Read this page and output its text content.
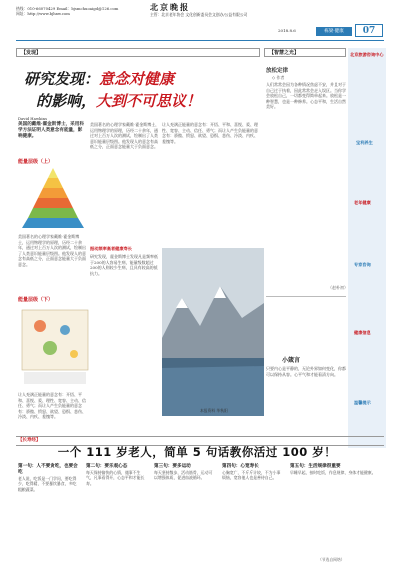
热线：010-66070429 Email：bjsmchuoaigd@126.com
网址：http://www.bjhxw.com
北京晚报
主管：北京老年协会 文化创新委员会文创办/公益有限公司
2018.8.6	栋梁·健康	07
【发现】
研究发现：意念对健康
的影响，大到不可思议！
David Hawkins
美国的戴维·霍金斯博士，采用科学方法证明人类意念有能量，影响健康。
能量层级（上）
美国著名的心理学家戴维·霍金斯博士，运用物理学的原理，历经二十余年，通过对上百万人次的测试，绘制出了人类意识能量层级图。他发现人的意念有高低之分，正面意念能量大于负面意念。
能量层级（下）
让人充满正能量的意念有：开悟、平和、喜悦、爱、理性、宽容、主动、信任、勇气；而让人产生负能量的意念有：骄傲、愤怒、欲望、恐惧、悲伤、冷淡、内疚、羞愧等。
美国著名的心理学家戴维·霍金斯博士，运用物理学的原理，历经二十余年，通过对上百万人次的测试，绘制出了人类意识能量层级图。他发现人的意念有高低之分，正面意念能量大于负面意念。
振动频率高者健康寿长
研究发现，霍金斯博士发现凡是频率低于200的人容易生病，能量级数超过200的人则较少生病，且具有较高的抵抗力。
让人充满正能量的意念有：开悟、平和、喜悦、爱、理性、宽容、主动、信任、勇气；而让人产生负能量的意念有：骄傲、愤怒、欲望、恐惧、悲伤、冷淡、内疚、羞愧等。
本报资料 华秋阳
【智慧之光】
放松定律
◇ 作者
人们常常会因为各种情况焦虑不安，并且对于自己过于执着，因此常常会走入误区。当你学会放松自己，一切都变得简单起来。放松是一种智慧，也是一种修养。心态平和，生活自然美好。
（赵朴初）
小箴言
只要内心是平静的，无论外界如何变化，你都可以保持从容。心平气和才能看清方向。
北京旅游咨询中心
宝利养生
老年健康
专家咨询
健康信息
温馨提示
【长寿经】
一个 111 岁老人，简单 5 句话教你活过 100 岁！
第一句：人不要贪吃，也要会吃
老人说，吃饭是一门学问，要吃得少，吃得精，不要暴饮暴食，多吃粗粮蔬菜。
第二句：要乐观心态
每天保持愉快的心情，遇事不生气，凡事看得开，心态平和才能长寿。
第三句：要多运动
每天坚持散步，活动筋骨，运动可以增强体质，促进血液循环。
第四句：心宽寿长
心胸宽广，不斤斤计较，不为小事烦恼，宽容他人也是善待自己。
第五句：生活规律很重要
早睡早起，按时吃饭，作息规律，身体才能健康。
（节选自网络）
